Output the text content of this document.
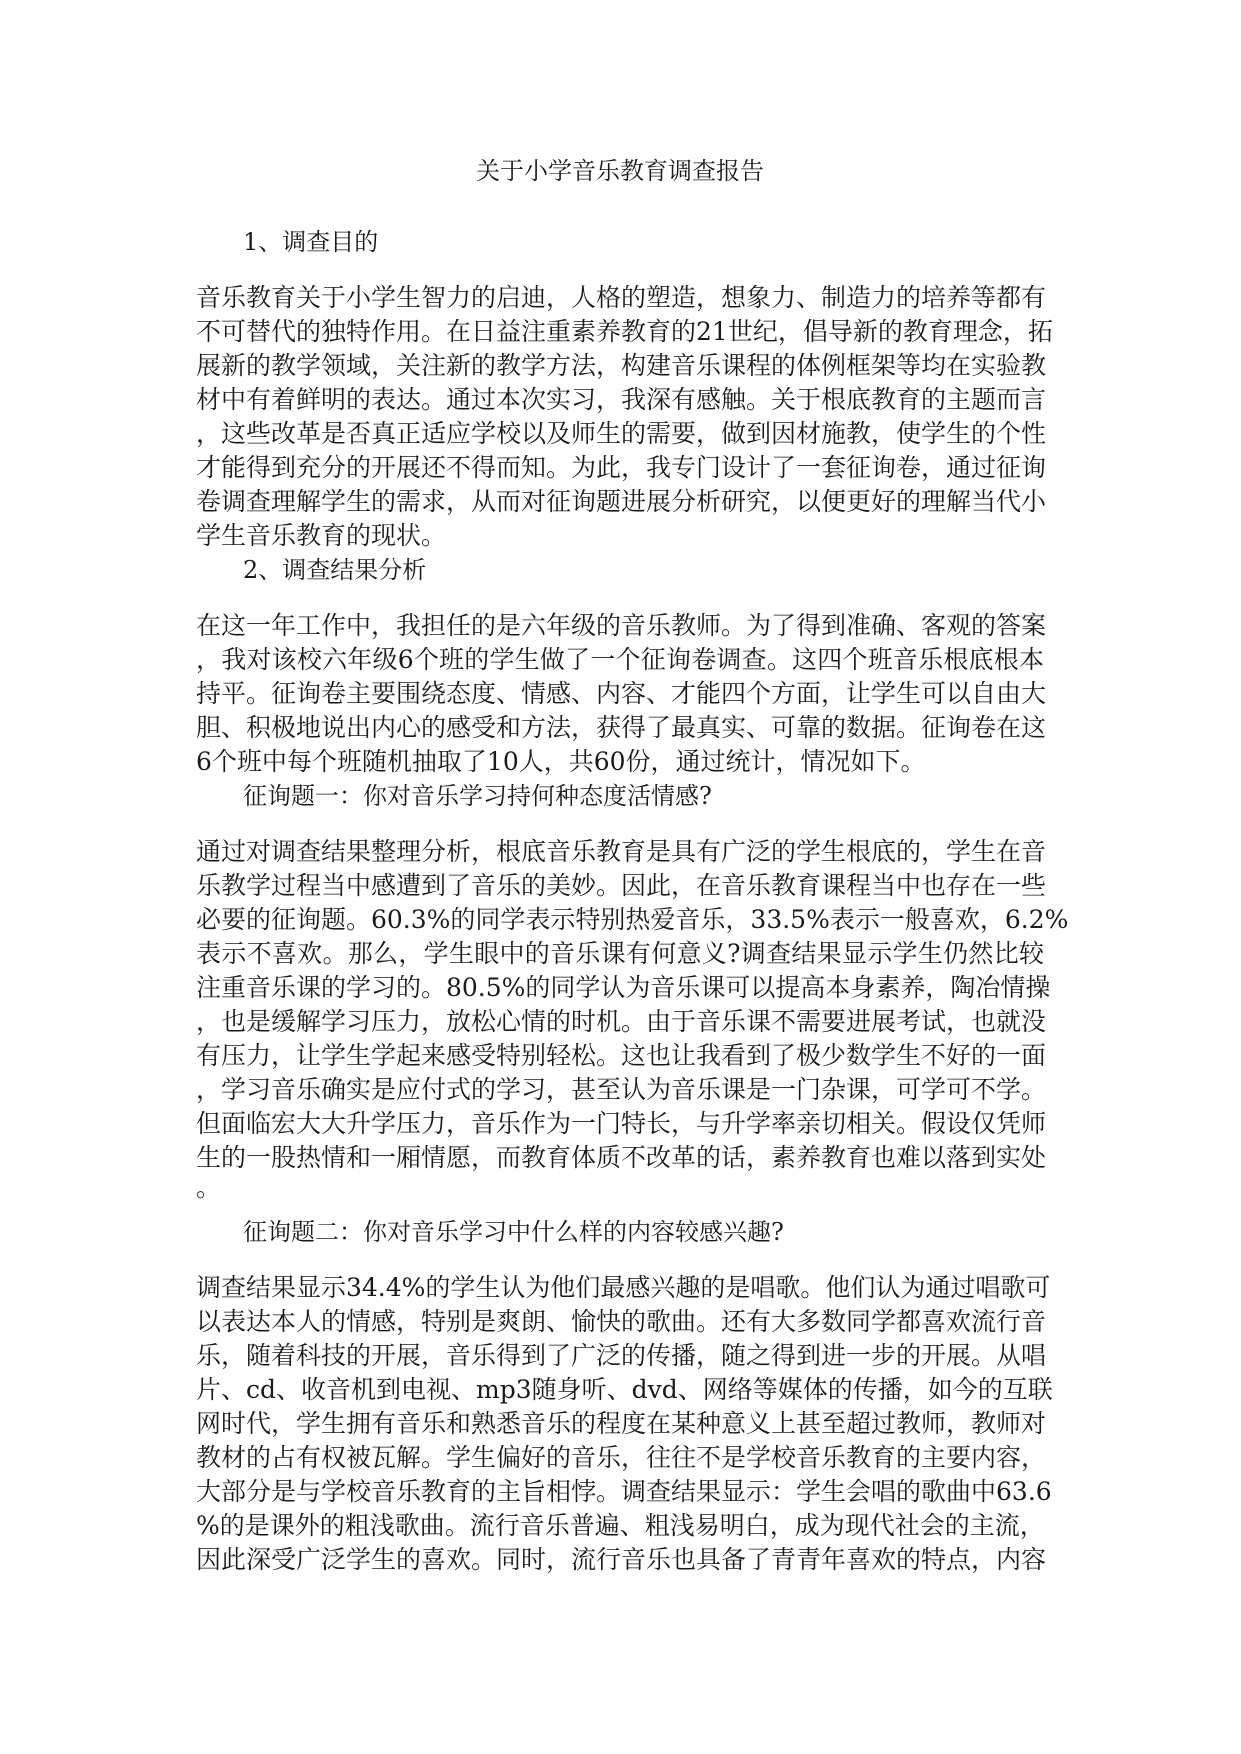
关于小学音乐教育调查报告
1、调查目的
音乐教育关于小学生智力的启迪，人格的塑造，想象力、制造力的培养等都有
不可替代的独特作用。在日益注重素养教育的21世纪，倡导新的教育理念，拓
展新的教学领域，关注新的教学方法，构建音乐课程的体例框架等均在实验教
材中有着鲜明的表达。通过本次实习，我深有感触。关于根底教育的主题而言
，这些改革是否真正适应学校以及师生的需要，做到因材施教，使学生的个性
才能得到充分的开展还不得而知。为此，我专门设计了一套征询卷，通过征询
卷调查理解学生的需求，从而对征询题进展分析研究，以便更好的理解当代小
学生音乐教育的现状。
2、调查结果分析
在这一年工作中，我担任的是六年级的音乐教师。为了得到准确、客观的答案
，我对该校六年级6个班的学生做了一个征询卷调查。这四个班音乐根底根本
持平。征询卷主要围绕态度、情感、内容、才能四个方面，让学生可以自由大
胆、积极地说出内心的感受和方法，获得了最真实、可靠的数据。征询卷在这
6个班中每个班随机抽取了10人，共60份，通过统计，情况如下。
征询题一：你对音乐学习持何种态度活情感?
通过对调查结果整理分析，根底音乐教育是具有广泛的学生根底的，学生在音
乐教学过程当中感遭到了音乐的美妙。因此，在音乐教育课程当中也存在一些
必要的征询题。60.3%的同学表示特别热爱音乐，33.5%表示一般喜欢，6.2%
表示不喜欢。那么，学生眼中的音乐课有何意义?调查结果显示学生仍然比较
注重音乐课的学习的。80.5%的同学认为音乐课可以提高本身素养，陶冶情操
，也是缓解学习压力，放松心情的时机。由于音乐课不需要进展考试，也就没
有压力，让学生学起来感受特别轻松。这也让我看到了极少数学生不好的一面
，学习音乐确实是应付式的学习，甚至认为音乐课是一门杂课，可学可不学。
但面临宏大大升学压力，音乐作为一门特长，与升学率亲切相关。假设仅凭师
生的一股热情和一厢情愿，而教育体质不改革的话，素养教育也难以落到实处
。
征询题二：你对音乐学习中什么样的内容较感兴趣?
调查结果显示34.4%的学生认为他们最感兴趣的是唱歌。他们认为通过唱歌可
以表达本人的情感，特别是爽朗、愉快的歌曲。还有大多数同学都喜欢流行音
乐，随着科技的开展，音乐得到了广泛的传播，随之得到进一步的开展。从唱
片、cd、收音机到电视、mp3随身听、dvd、网络等媒体的传播，如今的互联
网时代，学生拥有音乐和熟悉音乐的程度在某种意义上甚至超过教师，教师对
教材的占有权被瓦解。学生偏好的音乐，往往不是学校音乐教育的主要内容，
大部分是与学校音乐教育的主旨相悖。调查结果显示：学生会唱的歌曲中63.6
%的是课外的粗浅歌曲。流行音乐普遍、粗浅易明白，成为现代社会的主流，
因此深受广泛学生的喜欢。同时，流行音乐也具备了青青年喜欢的特点，内容
